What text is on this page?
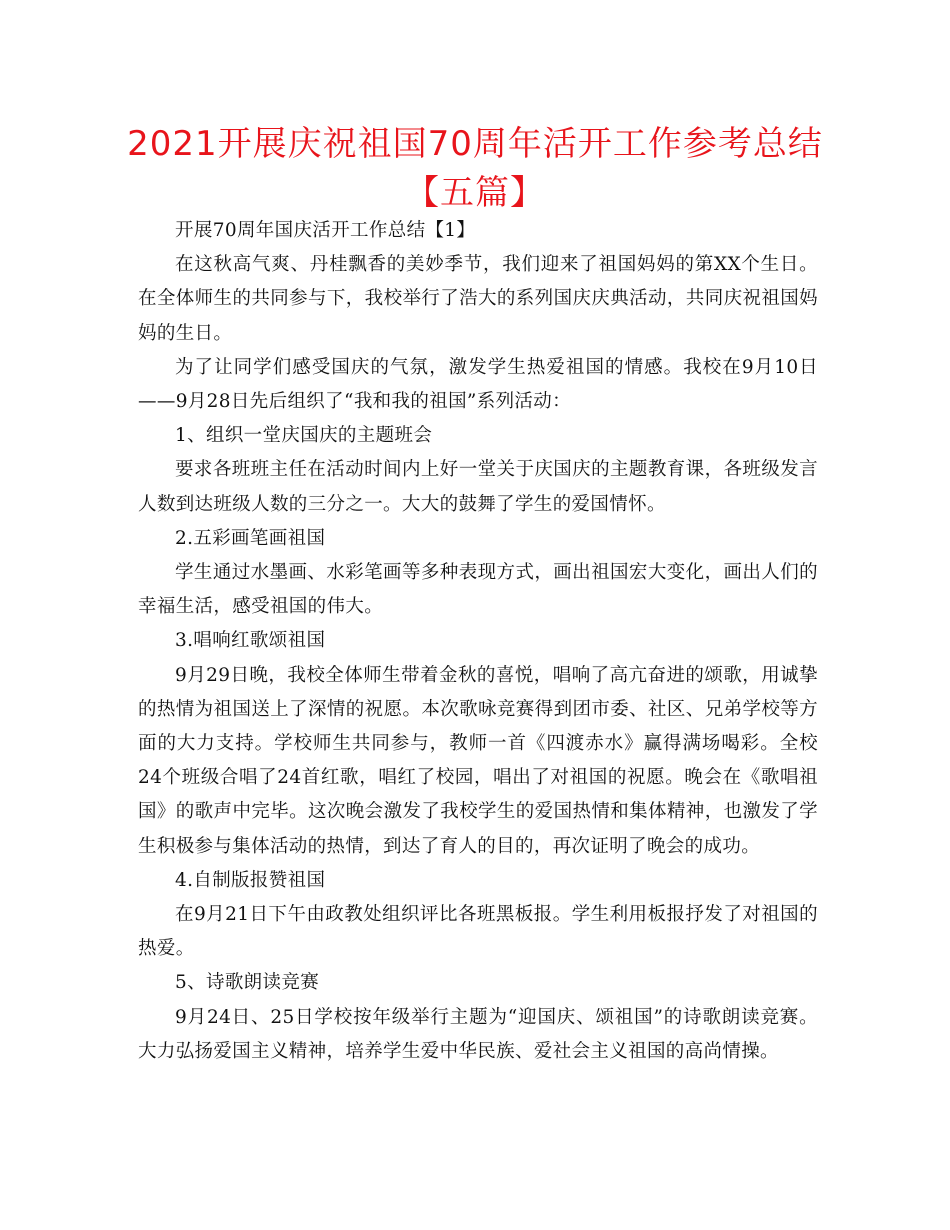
2021开展庆祝祖国70周年活开工作参考总结【五篇】

开展70周年国庆活开工作总结【1】

在这秋高气爽、丹桂飘香的美妙季节，我们迎来了祖国妈妈的第XX个生日。在全体师生的共同参与下，我校举行了浩大的系列国庆庆典活动，共同庆祝祖国妈妈的生日。

为了让同学们感受国庆的气氛，激发学生热爱祖国的情感。我校在9月10日——9月28日先后组织了“我和我的祖国”系列活动：

1、组织一堂庆国庆的主题班会

要求各班班主任在活动时间内上好一堂关于庆国庆的主题教育课，各班级发言人数到达班级人数的三分之一。大大的鼓舞了学生的爱国情怀。

2.五彩画笔画祖国

学生通过水墨画、水彩笔画等多种表现方式，画出祖国宏大变化，画出人们的幸福生活，感受祖国的伟大。

3.唱响红歌颂祖国

9月29日晚，我校全体师生带着金秋的喜悦，唱响了高亢奋进的颂歌，用诚挚的热情为祖国送上了深情的祝愿。本次歌咏竞赛得到团市委、社区、兄弟学校等方面的大力支持。学校师生共同参与，教师一首《四渡赤水》赢得满场喝彩。全校24个班级合唱了24首红歌，唱红了校园，唱出了对祖国的祝愿。晚会在《歌唱祖国》的歌声中完毕。这次晚会激发了我校学生的爱国热情和集体精神，也激发了学生积极参与集体活动的热情，到达了育人的目的，再次证明了晚会的成功。

4.自制版报赞祖国

在9月21日下午由政教处组织评比各班黑板报。学生利用板报抒发了对祖国的热爱。

5、诗歌朗读竞赛

9月24日、25日学校按年级举行主题为“迎国庆、颂祖国”的诗歌朗读竞赛。大力弘扬爱国主义精神，培养学生爱中华民族、爱社会主义祖国的高尚情操。
